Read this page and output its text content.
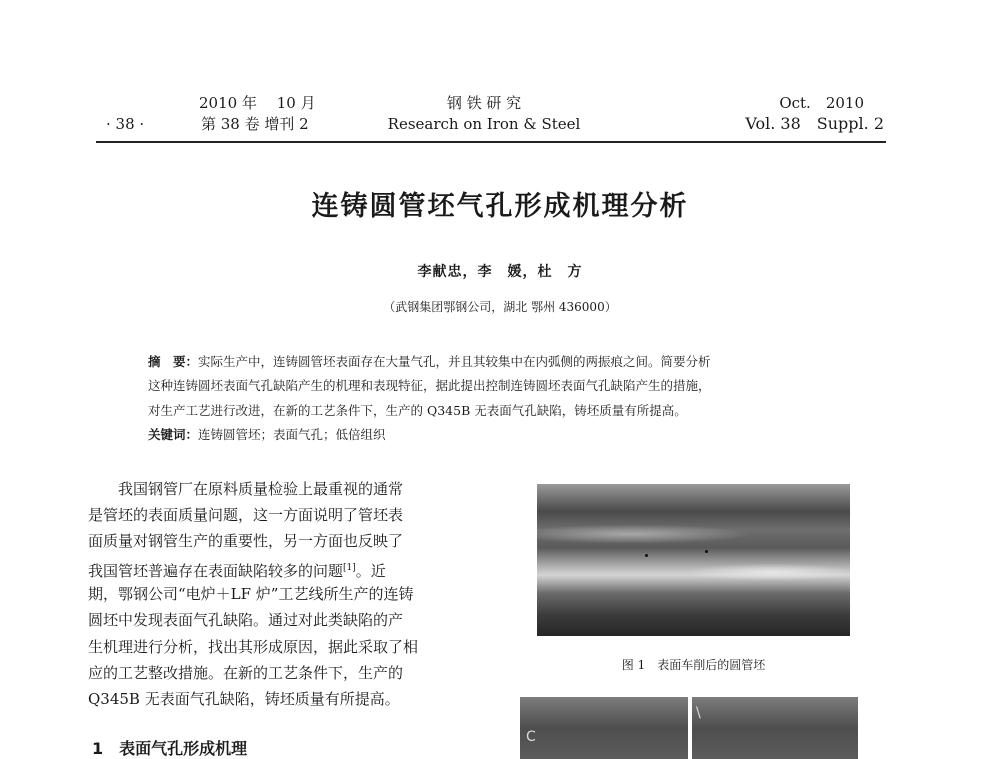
· 38 ·
2010 年　 10 月
第 38 卷 增刊 2
钢 铁 研 究
Research on Iron & Steel
Oct.　2010
Vol. 38　Suppl. 2
连铸圆管坯气孔形成机理分析
李献忠，李　媛，杜　方
（武钢集团鄂钢公司，湖北 鄂州 436000）
摘　要：实际生产中，连铸圆管坯表面存在大量气孔，并且其较集中在内弧侧的两振痕之间。简要分析
这种连铸圆坯表面气孔缺陷产生的机理和表现特征，据此提出控制连铸圆坯表面气孔缺陷产生的措施，
对生产工艺进行改进，在新的工艺条件下，生产的 Q345B 无表面气孔缺陷，铸坯质量有所提高。
关键词：连铸圆管坯；表面气孔；低倍组织
　　我国钢管厂在原料质量检验上最重视的通常
是管坯的表面质量问题，这一方面说明了管坯表
面质量对钢管生产的重要性，另一方面也反映了
我国管坯普遍存在表面缺陷较多的问题[1]。近
期，鄂钢公司“电炉＋LF 炉”工艺线所生产的连铸
圆坯中发现表面气孔缺陷。通过对此类缺陷的产
生机理进行分析，找出其形成原因，据此采取了相
应的工艺整改措施。在新的工艺条件下，生产的
Q345B 无表面气孔缺陷，铸坯质量有所提高。
1　表面气孔形成机理
图 1　表面车削后的圆管坯
C
\
